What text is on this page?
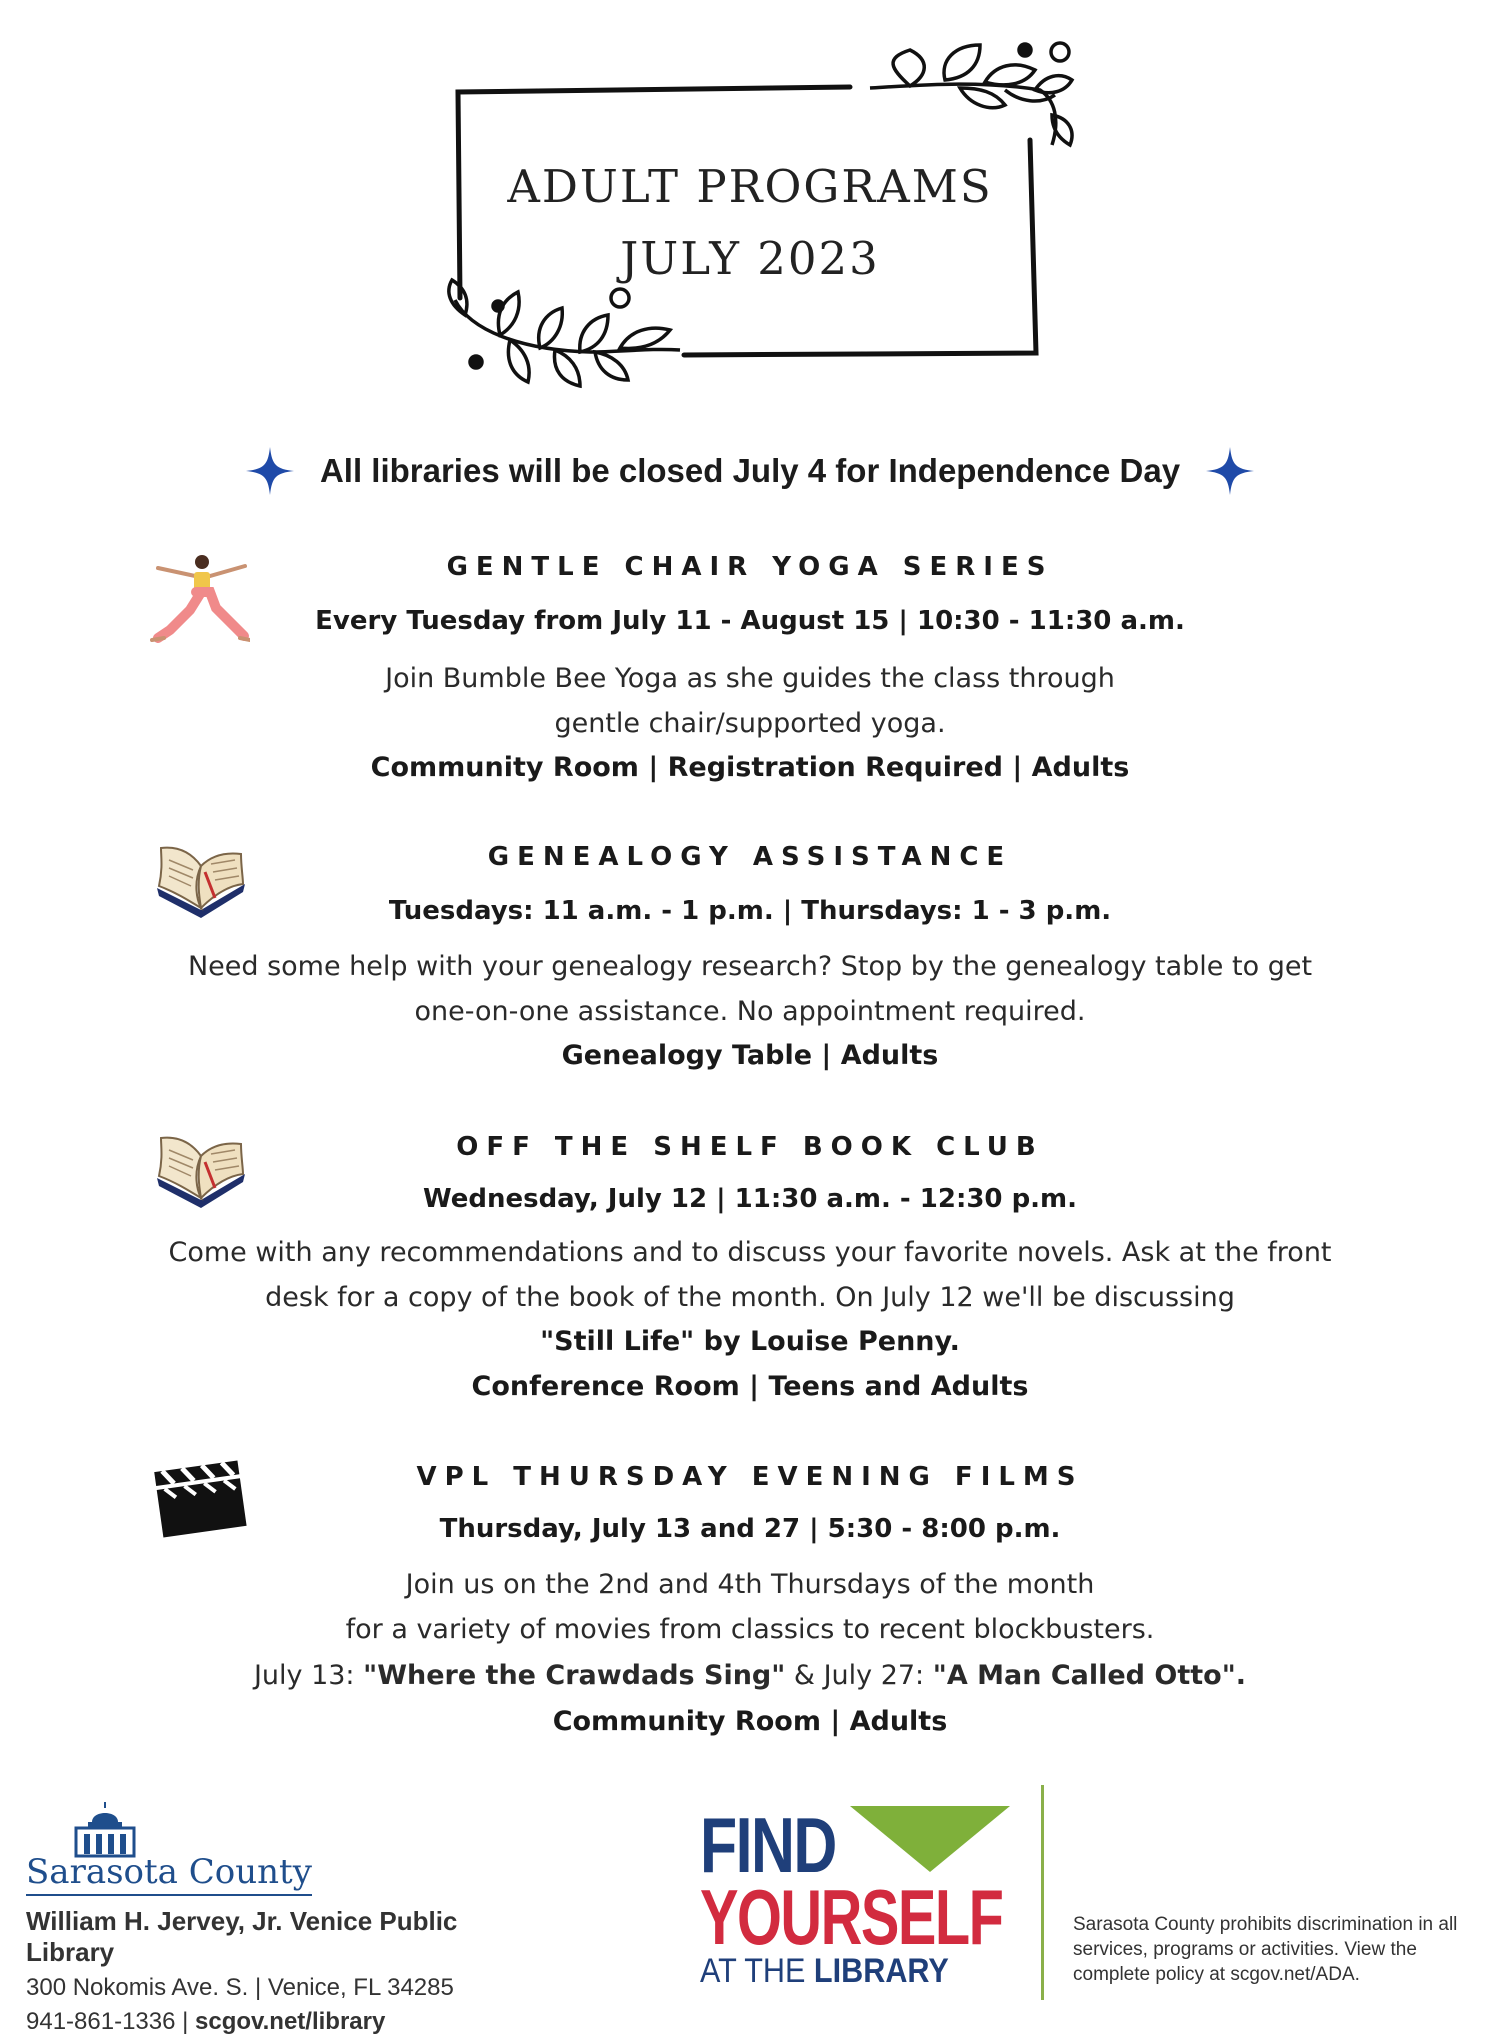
ADULT PROGRAMS
JULY 2023
All libraries will be closed July 4 for Independence Day
GENTLE CHAIR YOGA SERIES
Every Tuesday from July 11 - August 15 | 10:30 - 11:30 a.m.
Join Bumble Bee Yoga as she guides the class through
gentle chair/supported yoga.
Community Room | Registration Required | Adults
GENEALOGY ASSISTANCE
Tuesdays: 11 a.m. - 1 p.m. | Thursdays: 1 - 3 p.m.
Need some help with your genealogy research? Stop by the genealogy table to get
one-on-one assistance. No appointment required.
Genealogy Table | Adults
OFF THE SHELF BOOK CLUB
Wednesday, July 12 | 11:30 a.m. - 12:30 p.m.
Come with any recommendations and to discuss your favorite novels. Ask at the front
desk for a copy of the book of the month. On July 12 we'll be discussing
"Still Life" by Louise Penny.
Conference Room | Teens and Adults
VPL THURSDAY EVENING FILMS
Thursday, July 13 and 27 | 5:30 - 8:00 p.m.
Join us on the 2nd and 4th Thursdays of the month
for a variety of movies from classics to recent blockbusters.
July 13: "Where the Crawdads Sing" & July 27: "A Man Called Otto".
Community Room | Adults
Sarasota County
William H. Jervey, Jr. Venice Public Library
300 Nokomis Ave. S. | Venice, FL 34285
941-861-1336 | scgov.net/library
FIND
YOURSELF
AT THE LIBRARY
Sarasota County prohibits discrimination in all services, programs or activities. View the complete policy at scgov.net/ADA.
